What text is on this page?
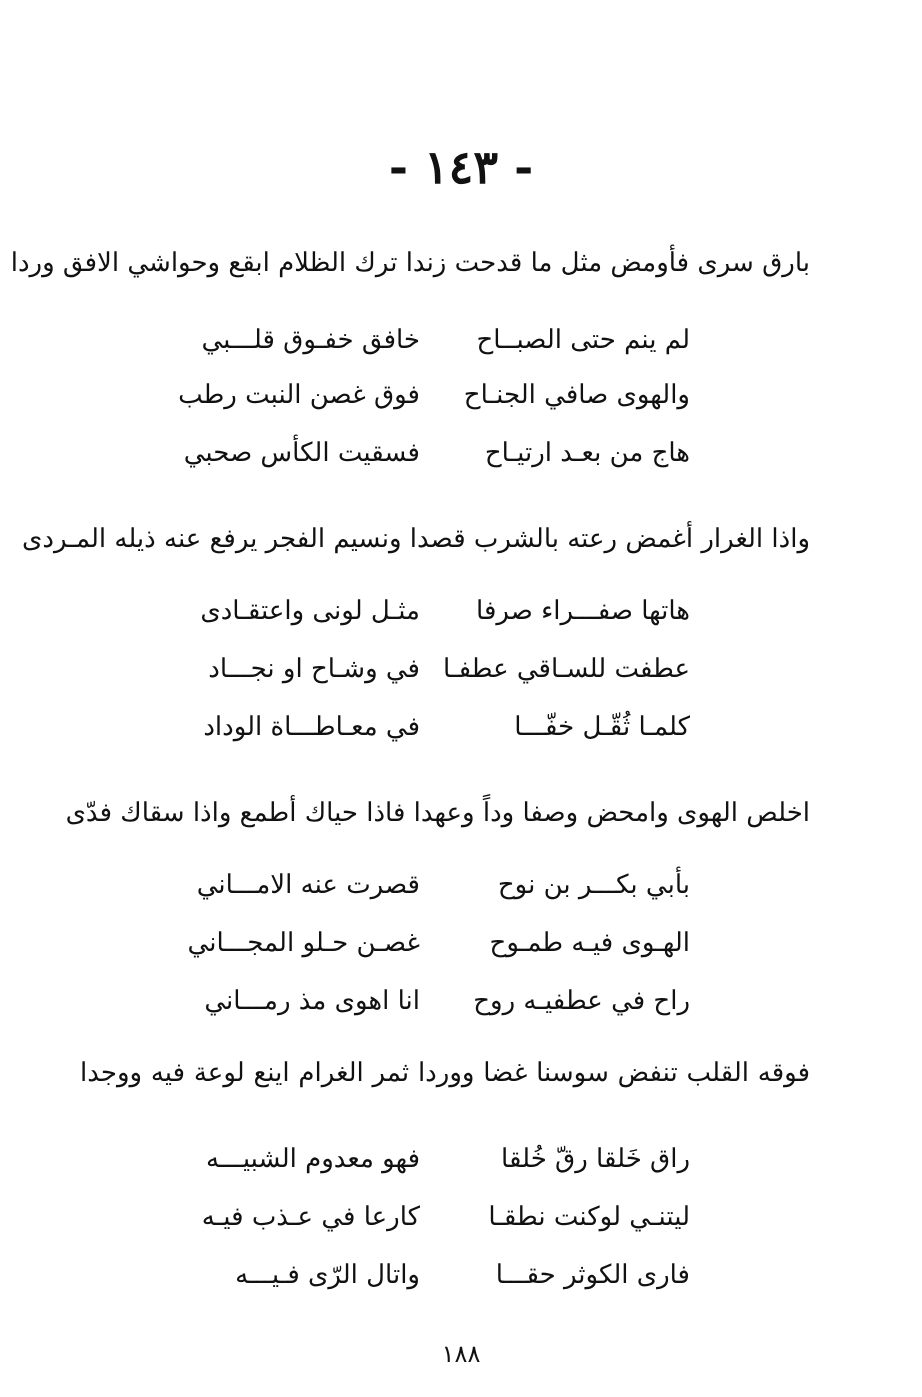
- ١٤٣ -
بارق سرى فأومض مثل ما قدحت زندا ترك الظلام ابقع وحواشي الافق وردا
لم ينم حتى الصبــاح
خافق خفـوق قلـــبي
والهوى صافي الجنـاح
فوق غصن النبت رطب
هاج من بعـد ارتيـاح
فسقيت الكأس صحبي
واذا الغرار أغمض رعته بالشرب قصدا ونسيم الفجر يرفع عنه ذيله المـردى
هاتها صفـــراء صرفا
مثـل لونى واعتقـادى
عطفت للسـاقي عطفـا
في وشـاح او نجـــاد
كلمـا ثُقّـل خفّـــا
في معـاطـــاة الوداد
اخلص الهوى وامحض وصفا وداً وعهدا فاذا حياك أطمع واذا سقاك فدّى
بأبي بكـــر بن نوح
قصرت عنه الامـــاني
الهـوى فيـه طمـوح
غصـن حـلو المجـــاني
راح في عطفيـه روح
انا اهوى مذ رمـــاني
فوقه القلب تنفض سوسنا غضا ووردا ثمر الغرام اينع لوعة فيه ووجدا
راق خَلقا رقّ خُلقا
فهو معدوم الشبيـــه
ليتنـي لوكنت نطقـا
كارعا في عـذب فيـه
فارى الكوثر حقـــا
واتال الرّى فـيـــه
١٨٨
